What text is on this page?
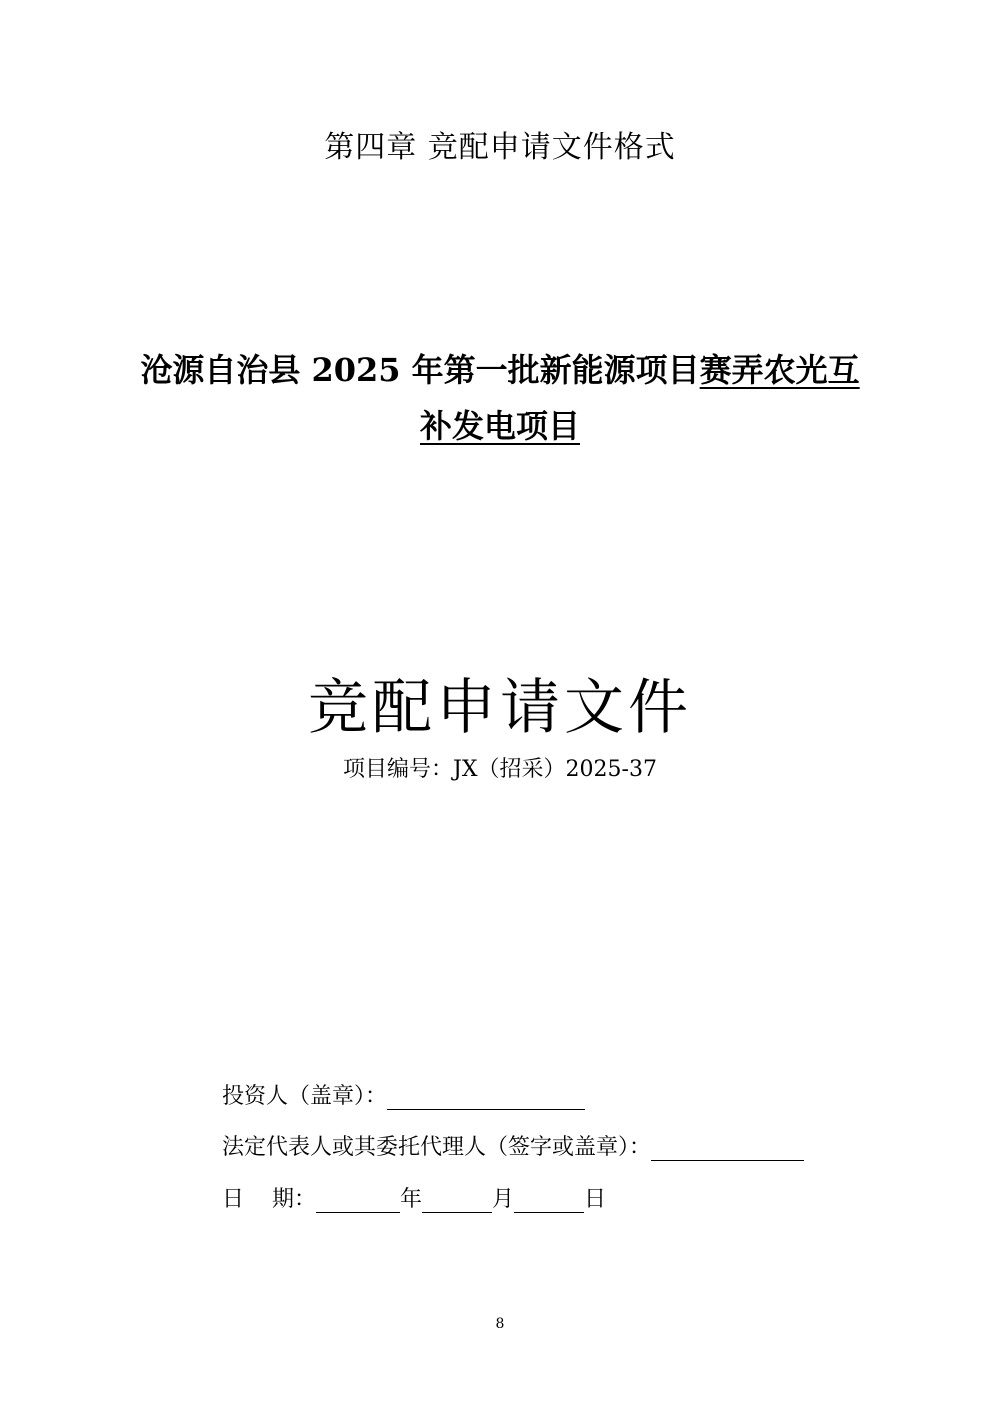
第四章 竞配申请文件格式
沧源自治县 2025 年第一批新能源项目赛弄农光互补发电项目
竞配申请文件
项目编号：JX（招采）2025-37
投资人（盖章）：
法定代表人或其委托代理人（签字或盖章）：
日    期：	年	月	日
8
